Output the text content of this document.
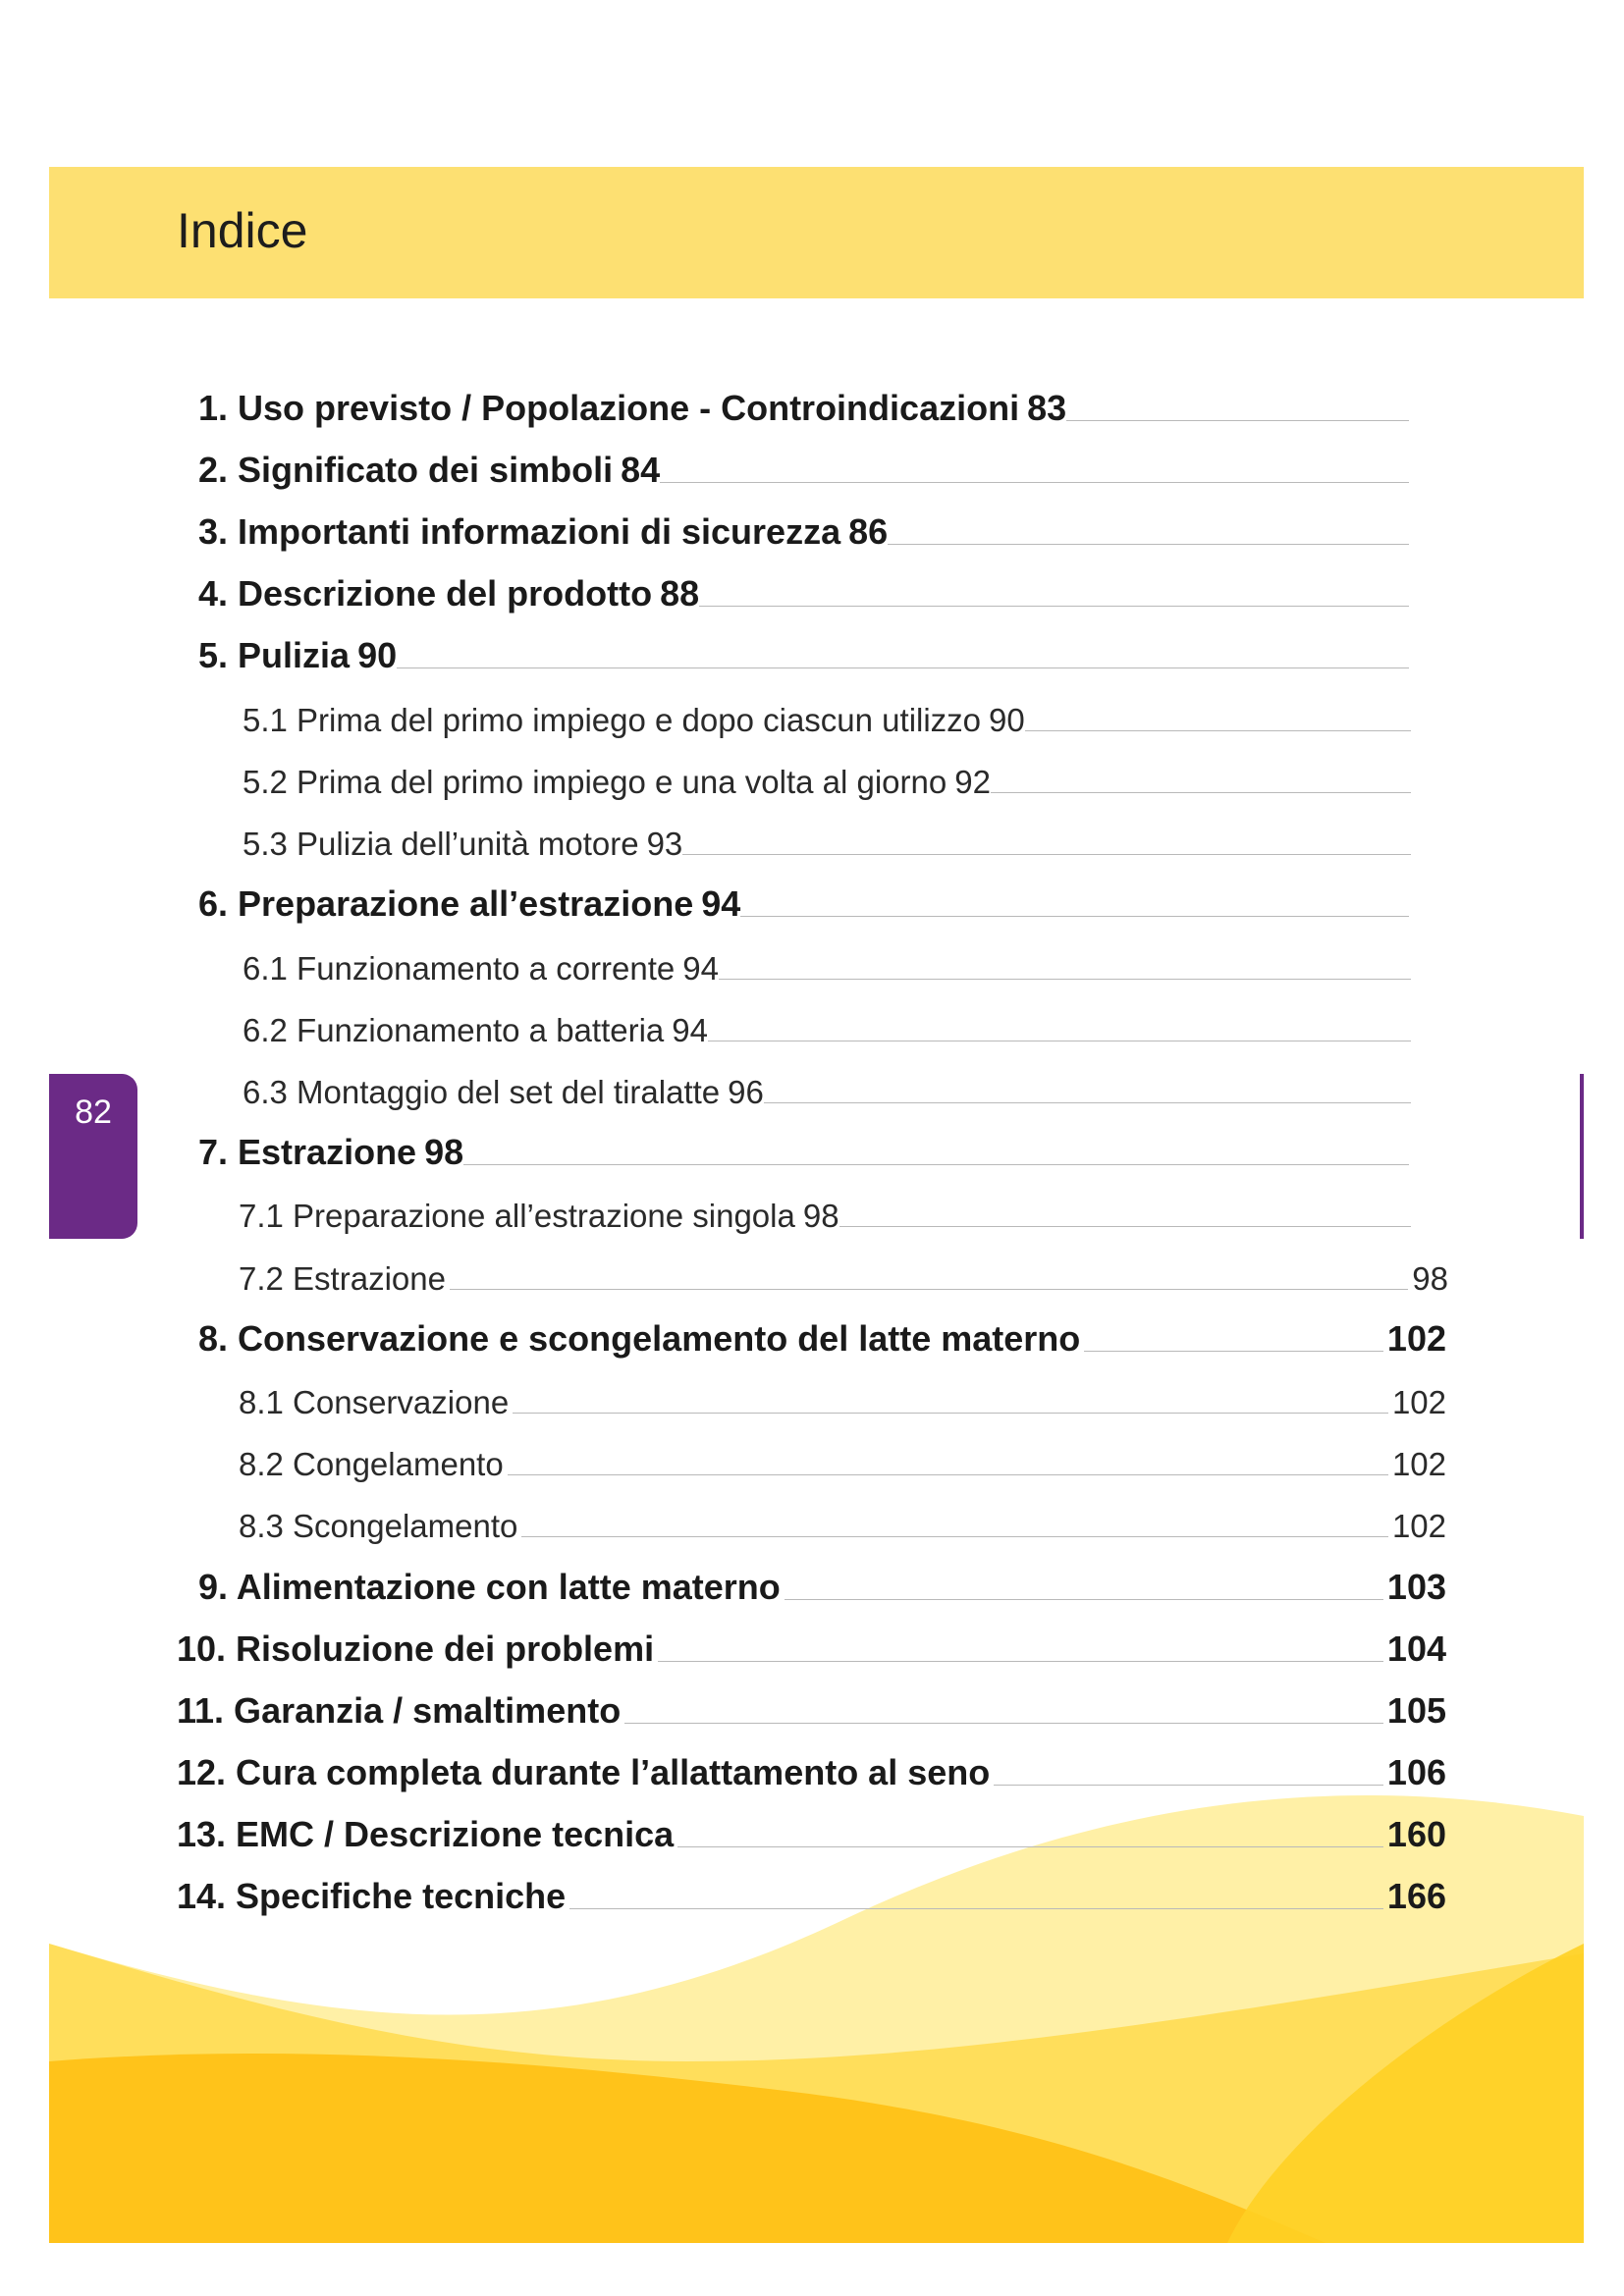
Indice
82
1. Uso previsto / Popolazione - Controindicazioni 83
2. Significato dei simboli 84
3. Importanti informazioni di sicurezza 86
4. Descrizione del prodotto 88
5. Pulizia 90
5.1 Prima del primo impiego e dopo ciascun utilizzo 90
5.2 Prima del primo impiego e una volta al giorno 92
5.3 Pulizia dell’unità motore 93
6. Preparazione all’estrazione 94
6.1 Funzionamento a corrente 94
6.2 Funzionamento a batteria 94
6.3 Montaggio del set del tiralatte 96
7. Estrazione 98
7.1 Preparazione all’estrazione singola 98
7.2 Estrazione	98
8. Conservazione e scongelamento del latte materno	102
8.1 Conservazione	102
8.2 Congelamento	102
8.3 Scongelamento	102
9. Alimentazione con latte materno	103
10. Risoluzione dei problemi	104
11. Garanzia / smaltimento	105
12. Cura completa durante l’allattamento al seno	106
13. EMC / Descrizione tecnica	160
14. Specifiche tecniche	166
